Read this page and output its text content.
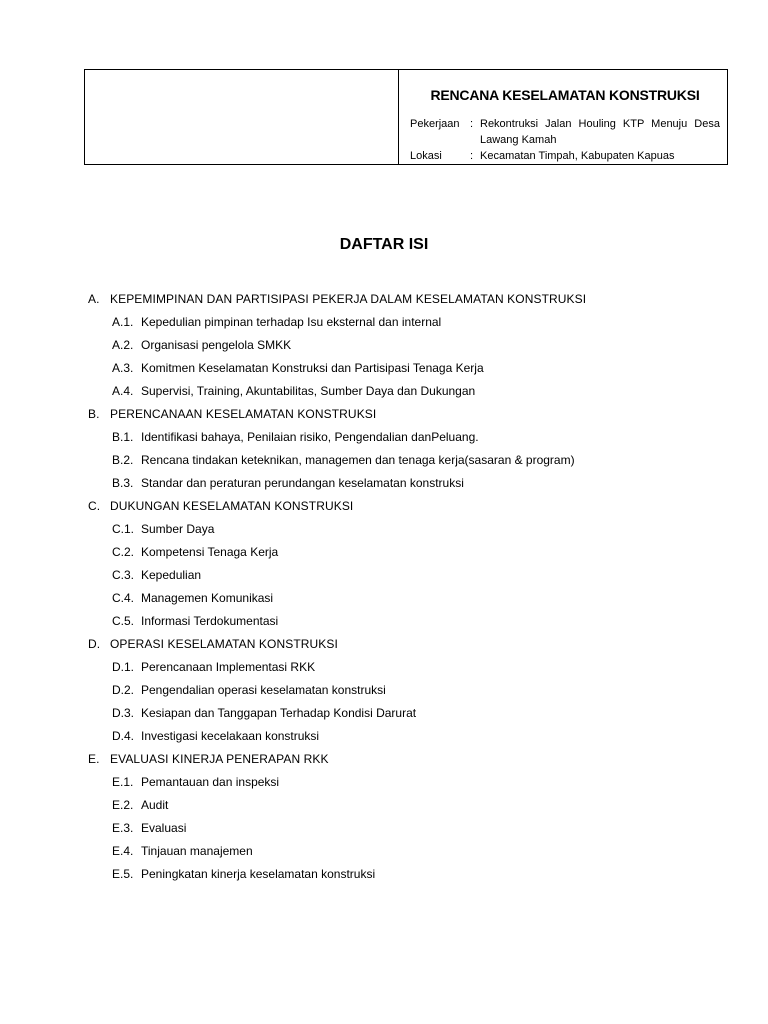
RENCANA KESELAMATAN KONSTRUKSI
Pekerjaan : Rekontruksi Jalan Houling KTP Menuju Desa
Lawang Kamah
Lokasi	: Kecamatan Timpah, Kabupaten Kapuas
DAFTAR ISI
A. KEPEMIMPINAN DAN PARTISIPASI PEKERJA DALAM KESELAMATAN KONSTRUKSI
A.1. Kepedulian pimpinan terhadap Isu eksternal dan internal
A.2. Organisasi pengelola SMKK
A.3. Komitmen Keselamatan Konstruksi dan Partisipasi Tenaga Kerja
A.4. Supervisi, Training, Akuntabilitas, Sumber Daya dan Dukungan
B. PERENCANAAN KESELAMATAN KONSTRUKSI
B.1. Identifikasi bahaya, Penilaian risiko, Pengendalian danPeluang.
B.2. Rencana tindakan keteknikan, managemen dan tenaga kerja(sasaran & program)
B.3. Standar dan peraturan perundangan keselamatan konstruksi
C. DUKUNGAN KESELAMATAN KONSTRUKSI
C.1. Sumber Daya
C.2. Kompetensi Tenaga Kerja
C.3. Kepedulian
C.4. Managemen Komunikasi
C.5. Informasi Terdokumentasi
D. OPERASI KESELAMATAN KONSTRUKSI
D.1. Perencanaan Implementasi RKK
D.2. Pengendalian operasi keselamatan konstruksi
D.3. Kesiapan dan Tanggapan Terhadap Kondisi Darurat
D.4. Investigasi kecelakaan konstruksi
E. EVALUASI KINERJA PENERAPAN RKK
E.1. Pemantauan dan inspeksi
E.2. Audit
E.3. Evaluasi
E.4. Tinjauan manajemen
E.5. Peningkatan kinerja keselamatan konstruksi
